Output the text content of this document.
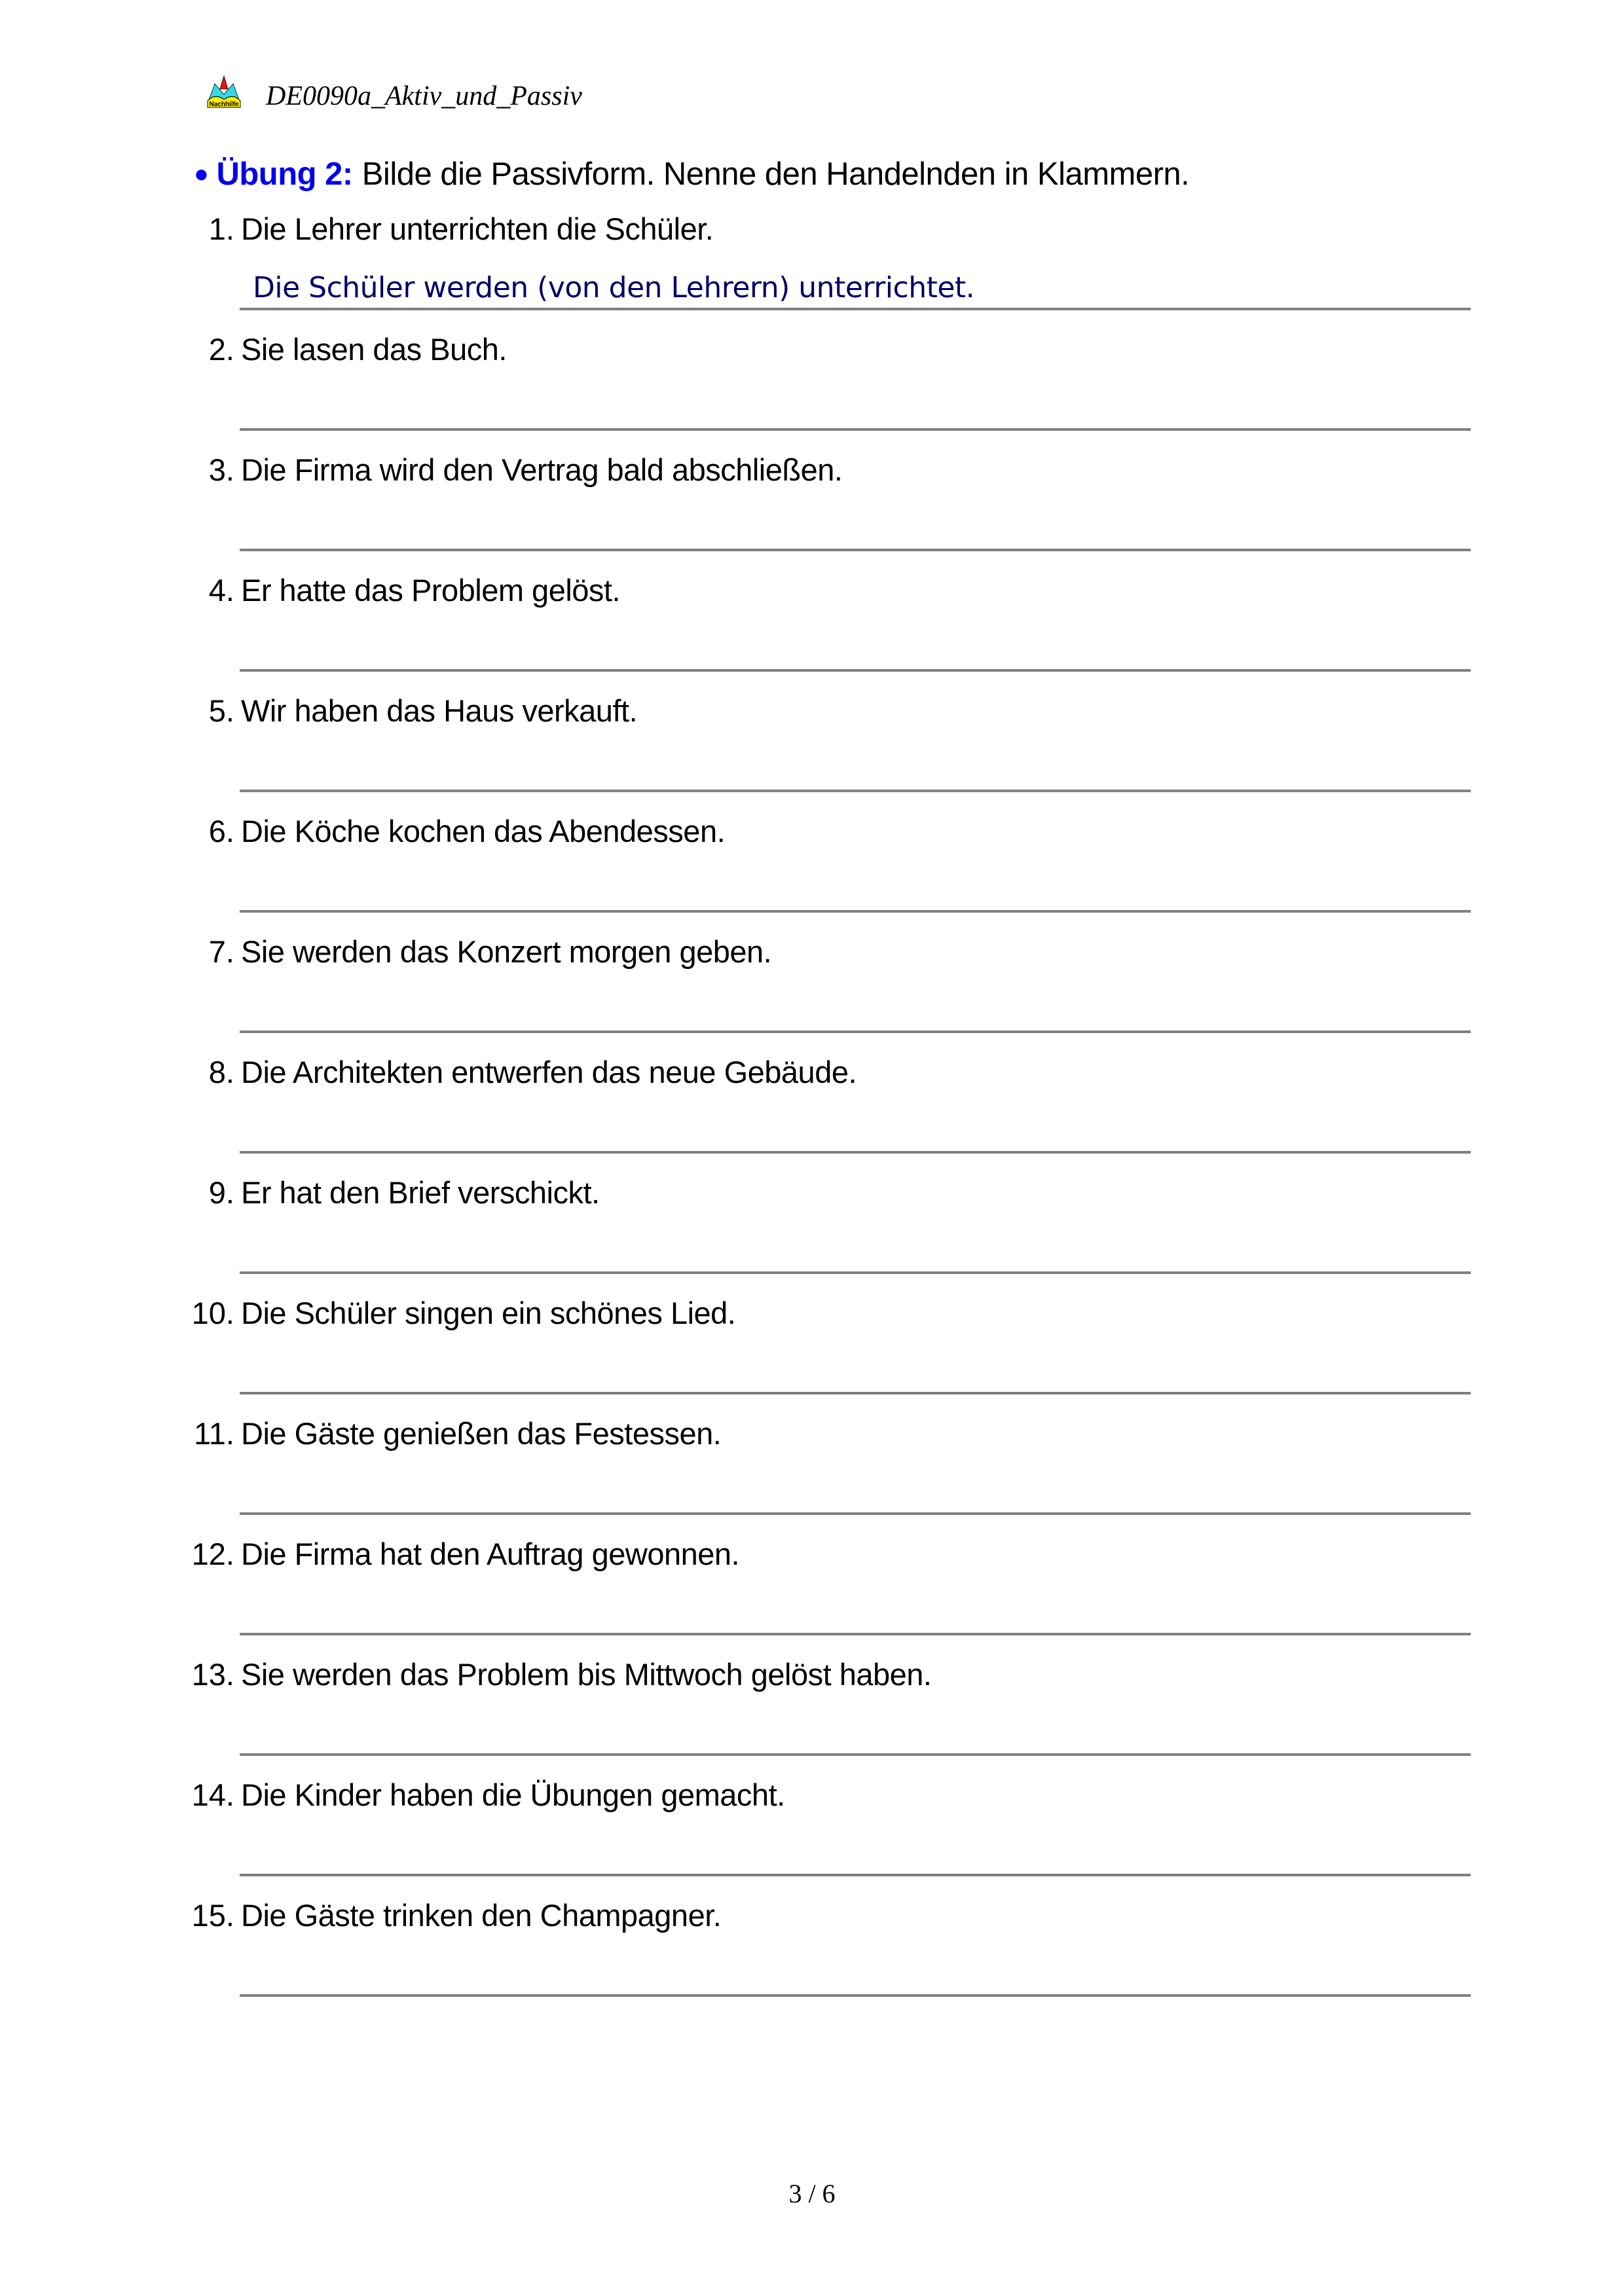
Nachhilfe DE0090a_Aktiv_und_Passiv
● Übung 2: Bilde die Passivform. Nenne den Handelnden in Klammern.
1. Die Lehrer unterrichten die Schüler.
Die Schüler werden (von den Lehrern) unterrichtet.
2. Sie lasen das Buch.
3. Die Firma wird den Vertrag bald abschließen.
4. Er hatte das Problem gelöst.
5. Wir haben das Haus verkauft.
6. Die Köche kochen das Abendessen.
7. Sie werden das Konzert morgen geben.
8. Die Architekten entwerfen das neue Gebäude.
9. Er hat den Brief verschickt.
10. Die Schüler singen ein schönes Lied.
11. Die Gäste genießen das Festessen.
12. Die Firma hat den Auftrag gewonnen.
13. Sie werden das Problem bis Mittwoch gelöst haben.
14. Die Kinder haben die Übungen gemacht.
15. Die Gäste trinken den Champagner.
3 / 6
